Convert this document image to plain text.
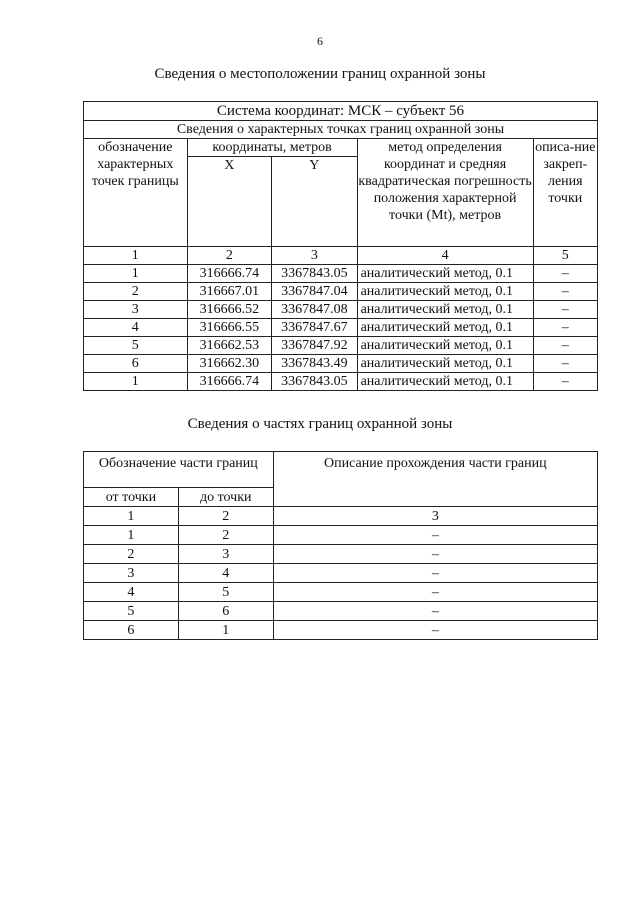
6
Сведения о местоположении границ охранной зоны
Система координат: МСК – субъект 56				
Сведения о характерных точках границ охранной зоны				
обозначение характерных точек границы	координаты, метров		метод определения координат и средняя квадратическая погрешность положения характерной точки (Mt), метров	описа-ние закреп-ления точки
	X	Y		
1	2	3	4	5
1	316666.74	3367843.05	аналитический метод, 0.1	–
2	316667.01	3367847.04	аналитический метод, 0.1	–
3	316666.52	3367847.08	аналитический метод, 0.1	–
4	316666.55	3367847.67	аналитический метод, 0.1	–
5	316662.53	3367847.92	аналитический метод, 0.1	–
6	316662.30	3367843.49	аналитический метод, 0.1	–
1	316666.74	3367843.05	аналитический метод, 0.1	–
Сведения о частях границ охранной зоны
Обозначение части границ		Описание прохождения части границ
от точки	до точки	
1	2	3
1	2	–
2	3	–
3	4	–
4	5	–
5	6	–
6	1	–
